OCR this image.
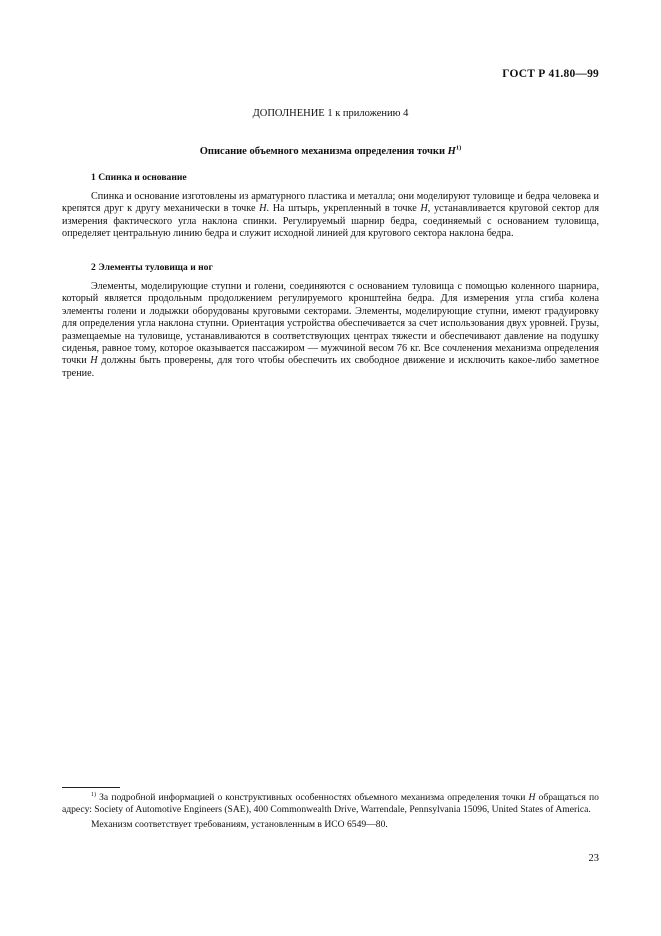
ГОСТ Р 41.80—99
ДОПОЛНЕНИЕ 1 к приложению 4
Описание объемного механизма определения точки $H^{1)}$
1 Спинка и основание

Спинка и основание изготовлены из арматурного пластика и металла; они моделируют туловище и бедра человека и крепятся друг к другу механически в точке H. На штырь, укрепленный в точке H, устанавливается круговой сектор для измерения фактического угла наклона спинки. Регулируемый шарнир бедра, соединяемый с основанием туловища, определяет центральную линию бедра и служит исходной линией для кругового сектора наклона бедра.

2 Элементы туловища и ног

Элементы, моделирующие ступни и голени, соединяются с основанием туловища с помощью коленного шарнира, который является продольным продолжением регулируемого кронштейна бедра. Для измерения угла сгиба колена элементы голени и лодыжки оборудованы круговыми секторами. Элементы, моделирующие ступни, имеют градуировку для определения угла наклона ступни. Ориентация устройства обеспечивается за счет использования двух уровней. Грузы, размещаемые на туловище, устанавливаются в соответствующих центрах тяжести и обеспечивают давление на подушку сиденья, равное тому, которое оказывается пассажиром — мужчиной весом 76 кг. Все сочленения механизма определения точки H должны быть проверены, для того чтобы обеспечить их свободное движение и исключить какое-либо заметное трение.

$^{1)}$ За подробной информацией о конструктивных особенностях объемного механизма определения точки H обращаться по адресу: Society of Automotive Engineers (SAE), 400 Commonwealth Drive, Warrendale, Pennsylvania 15096, United States of America.

Механизм соответствует требованиям, установленным в ИСО 6549—80.

23
